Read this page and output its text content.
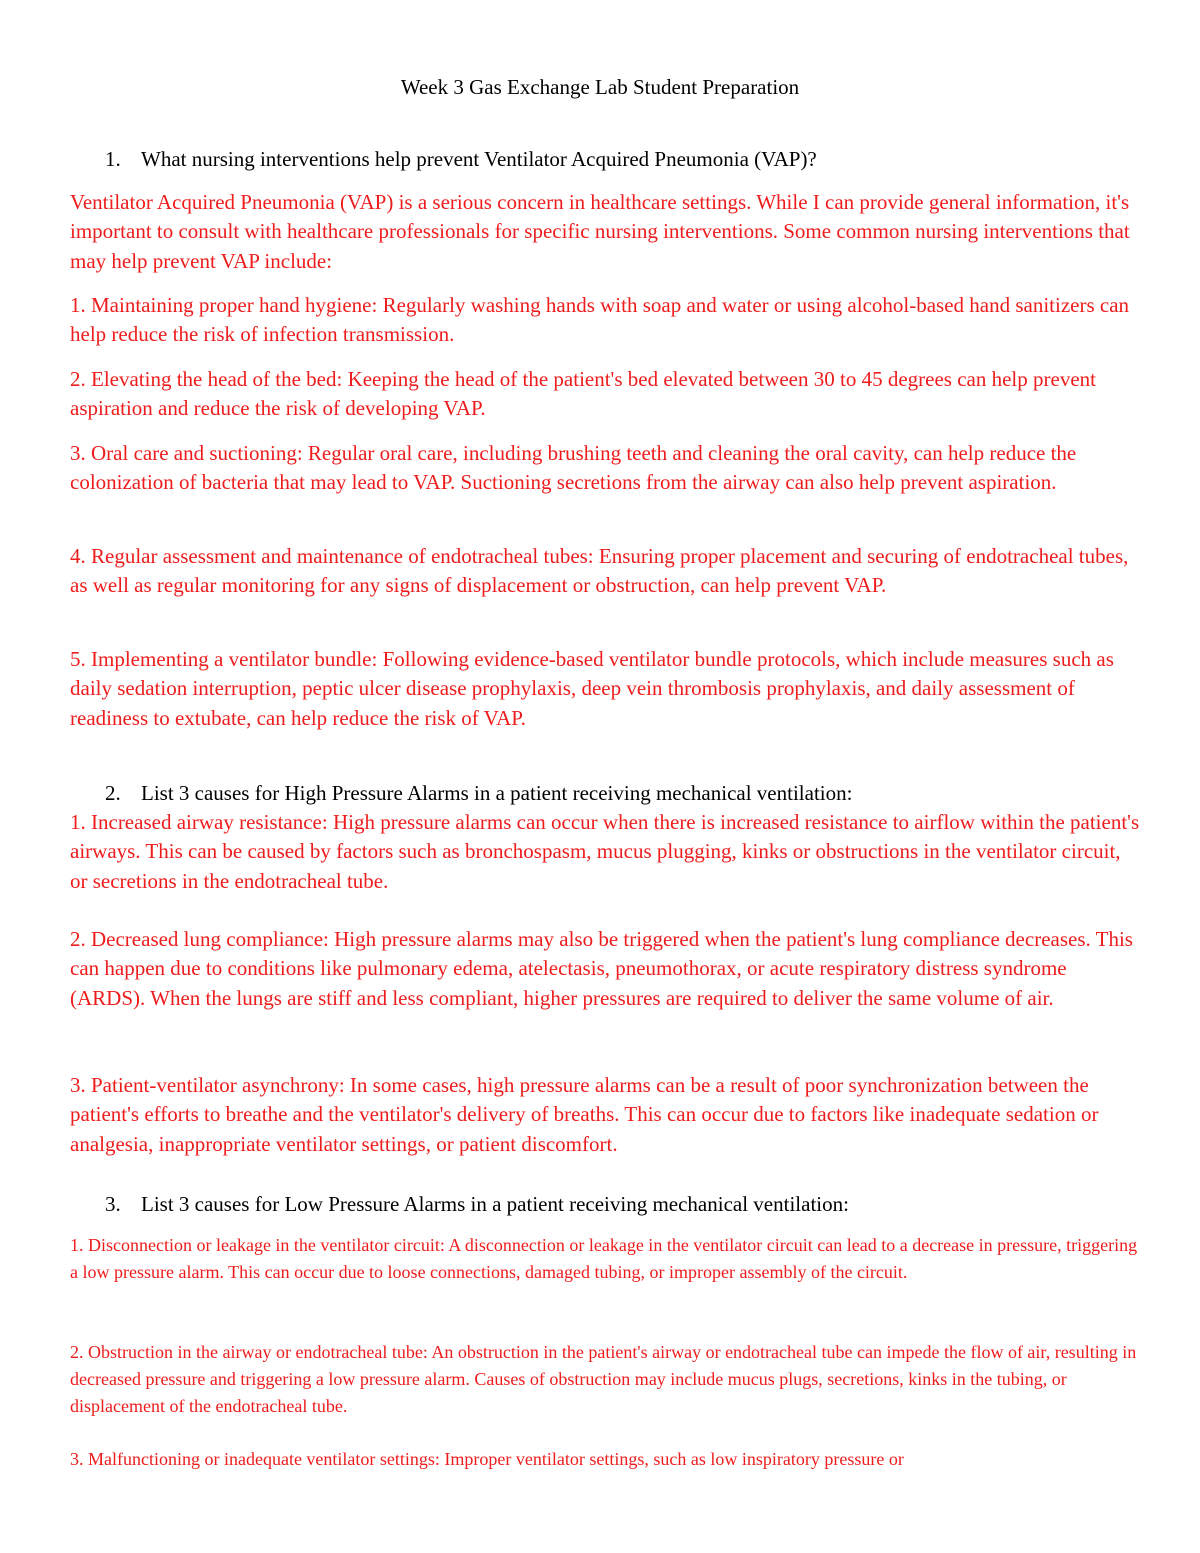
Week 3 Gas Exchange Lab Student Preparation
1. What nursing interventions help prevent Ventilator Acquired Pneumonia (VAP)?
Ventilator Acquired Pneumonia (VAP) is a serious concern in healthcare settings. While I can provide general information, it's important to consult with healthcare professionals for specific nursing interventions. Some common nursing interventions that may help prevent VAP include:
1. Maintaining proper hand hygiene: Regularly washing hands with soap and water or using alcohol-based hand sanitizers can help reduce the risk of infection transmission.
2. Elevating the head of the bed: Keeping the head of the patient's bed elevated between 30 to 45 degrees can help prevent aspiration and reduce the risk of developing VAP.
3. Oral care and suctioning: Regular oral care, including brushing teeth and cleaning the oral cavity, can help reduce the colonization of bacteria that may lead to VAP. Suctioning secretions from the airway can also help prevent aspiration.
4. Regular assessment and maintenance of endotracheal tubes: Ensuring proper placement and securing of endotracheal tubes, as well as regular monitoring for any signs of displacement or obstruction, can help prevent VAP.
5. Implementing a ventilator bundle: Following evidence-based ventilator bundle protocols, which include measures such as daily sedation interruption, peptic ulcer disease prophylaxis, deep vein thrombosis prophylaxis, and daily assessment of readiness to extubate, can help reduce the risk of VAP.
2. List 3 causes for High Pressure Alarms in a patient receiving mechanical ventilation:
1. Increased airway resistance: High pressure alarms can occur when there is increased resistance to airflow within the patient's airways. This can be caused by factors such as bronchospasm, mucus plugging, kinks or obstructions in the ventilator circuit, or secretions in the endotracheal tube.
2. Decreased lung compliance: High pressure alarms may also be triggered when the patient's lung compliance decreases. This can happen due to conditions like pulmonary edema, atelectasis, pneumothorax, or acute respiratory distress syndrome (ARDS). When the lungs are stiff and less compliant, higher pressures are required to deliver the same volume of air.
3. Patient-ventilator asynchrony: In some cases, high pressure alarms can be a result of poor synchronization between the patient's efforts to breathe and the ventilator's delivery of breaths. This can occur due to factors like inadequate sedation or analgesia, inappropriate ventilator settings, or patient discomfort.
3. List 3 causes for Low Pressure Alarms in a patient receiving mechanical ventilation:
1. Disconnection or leakage in the ventilator circuit: A disconnection or leakage in the ventilator circuit can lead to a decrease in pressure, triggering a low pressure alarm. This can occur due to loose connections, damaged tubing, or improper assembly of the circuit.
2. Obstruction in the airway or endotracheal tube: An obstruction in the patient's airway or endotracheal tube can impede the flow of air, resulting in decreased pressure and triggering a low pressure alarm. Causes of obstruction may include mucus plugs, secretions, kinks in the tubing, or displacement of the endotracheal tube.
3. Malfunctioning or inadequate ventilator settings: Improper ventilator settings, such as low inspiratory pressure or
